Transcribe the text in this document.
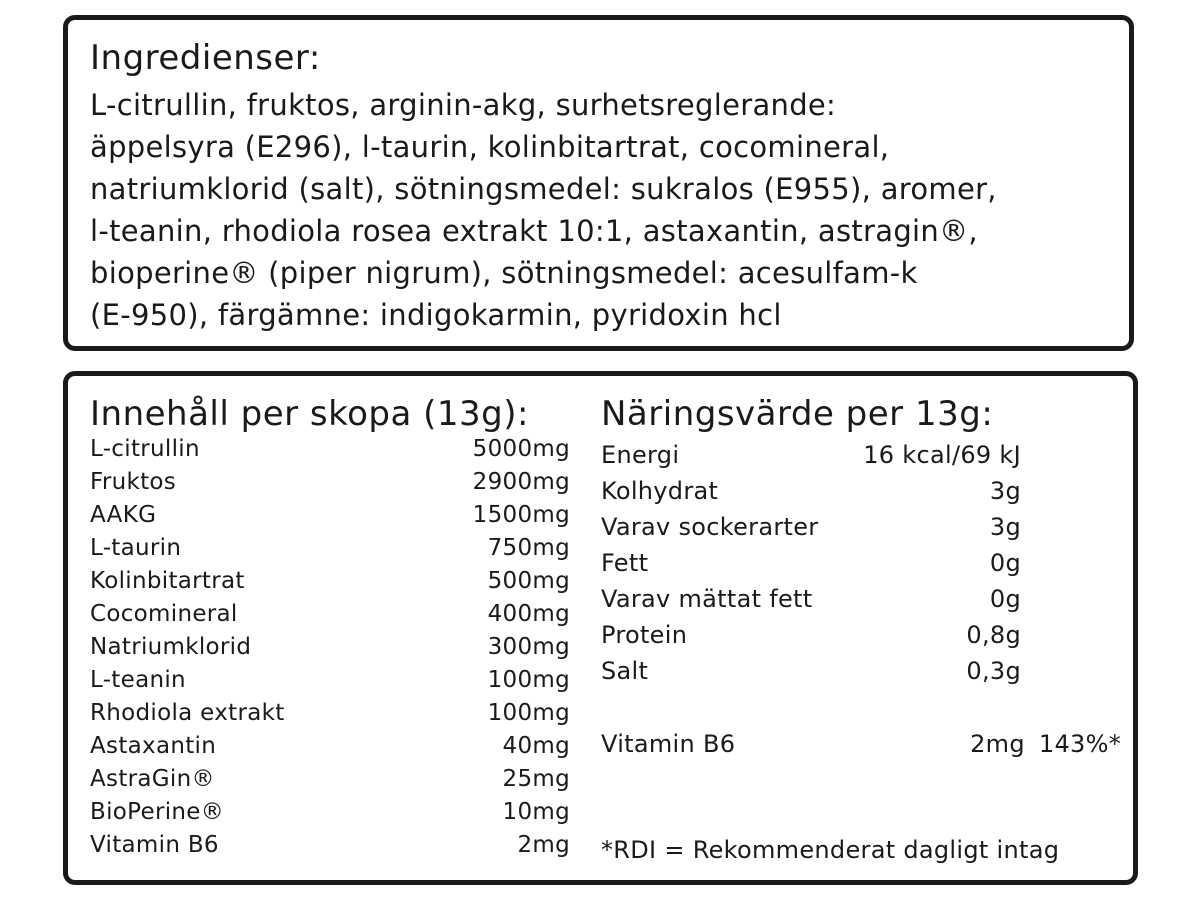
Ingredienser:
L-citrullin, fruktos, arginin-akg, surhetsreglerande:
äppelsyra (E296), l-taurin, kolinbitartrat, cocomineral,
natriumklorid (salt), sötningsmedel: sukralos (E955), aromer,
l-teanin, rhodiola rosea extrakt 10:1, astaxantin, astragin®,
bioperine® (piper nigrum), sötningsmedel: acesulfam-k
(E-950), färgämne: indigokarmin, pyridoxin hcl
Innehåll per skopa (13g): Näringsvärde per 13g:
L-citrullin	5000mg
Fruktos	2900mg
AAKG	1500mg
L-taurin	750mg
Kolinbitartrat	500mg
Cocomineral	400mg
Natriumklorid	300mg
L-teanin	100mg
Rhodiola extrakt	100mg
Astaxantin	40mg
AstraGin®	25mg
BioPerine®	10mg
Vitamin B6	2mg
Energi	16 kcal/69 kJ
Kolhydrat	3g
Varav sockerarter	3g
Fett	0g
Varav mättat fett	0g
Protein	0,8g
Salt	0,3g
Vitamin B6	2mg 143%*
*RDI = Rekommenderat dagligt intag
